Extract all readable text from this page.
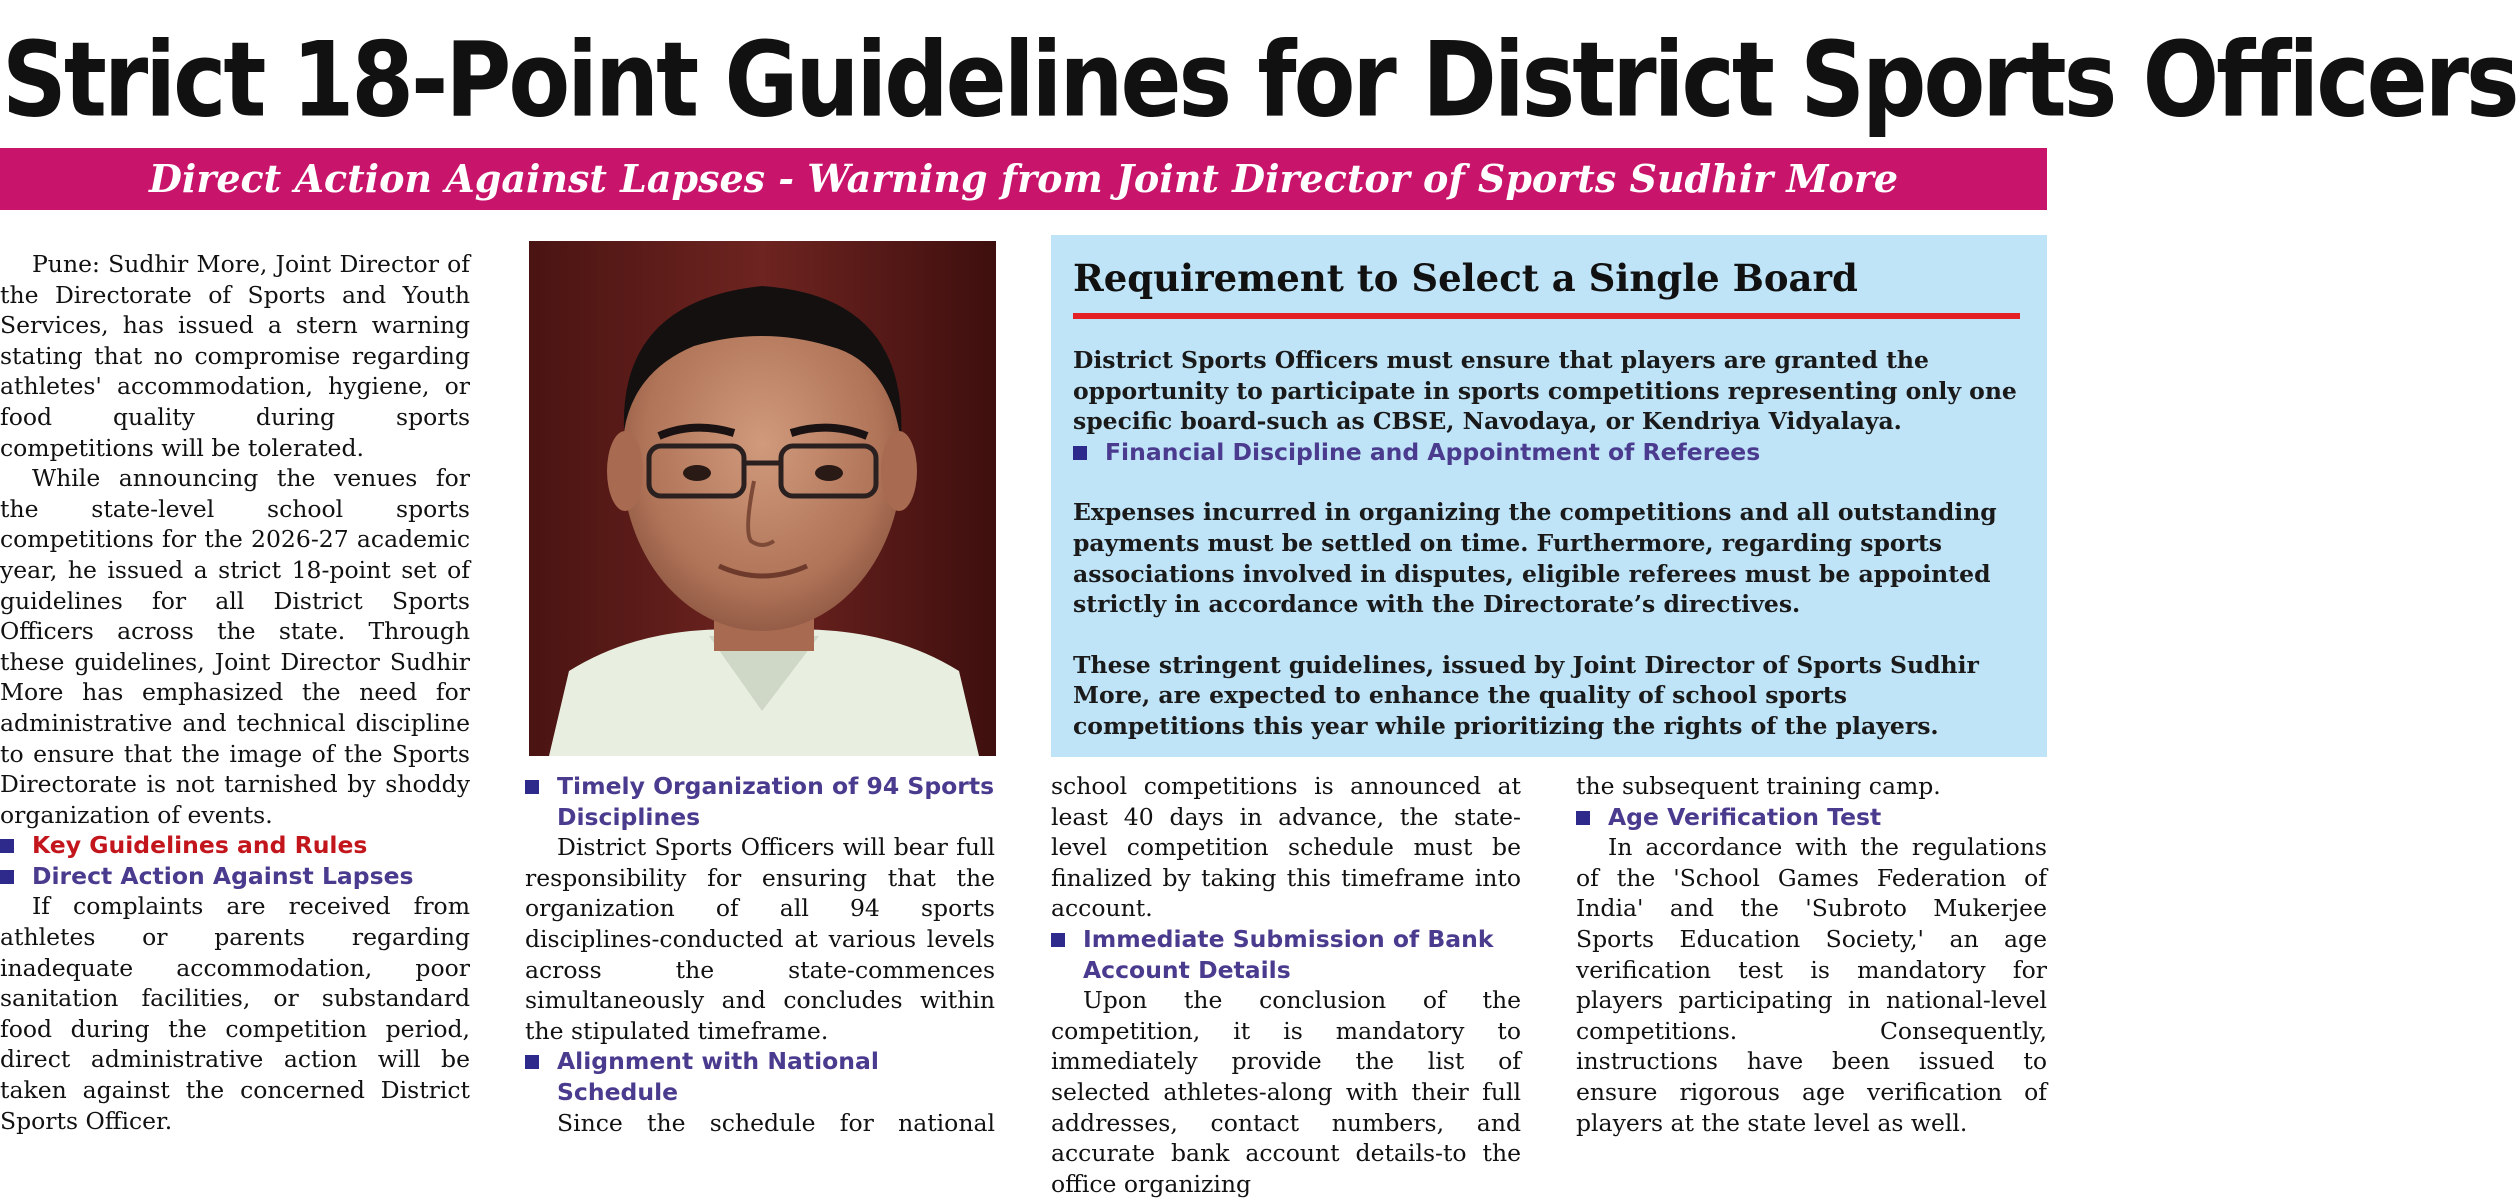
Strict 18-Point Guidelines for District Sports Officers
Direct Action Against Lapses - Warning from Joint Director of Sports Sudhir More

Pune: Sudhir More, Joint Director of the Directorate of Sports and Youth Services, has issued a stern warning stating that no compromise regarding athletes' accommodation, hygiene, or food quality during sports competitions will be tolerated.

While announcing the venues for the state-level school sports competitions for the 2026-27 academic year, he issued a strict 18-point set of guidelines for all District Sports Officers across the state. Through these guidelines, Joint Director Sudhir More has emphasized the need for administrative and technical discipline to ensure that the image of the Sports Directorate is not tarnished by shoddy organization of events.

Key Guidelines and Rules
Direct Action Against Lapses

If complaints are received from athletes or parents regarding inadequate accommodation, poor sanitation facilities, or substandard food during the competition period, direct administrative action will be taken against the concerned District Sports Officer.

Timely Organization of 94 Sports Disciplines

District Sports Officers will bear full responsibility for ensuring that the organization of all 94 sports disciplines-conducted at various levels across the state-commences simultaneously and concludes within the stipulated timeframe.

Alignment with National Schedule

Since the schedule for national

Requirement to Select a Single Board

District Sports Officers must ensure that players are granted the opportunity to participate in sports competitions representing only one specific board-such as CBSE, Navodaya, or Kendriya Vidyalaya.

Financial Discipline and Appointment of Referees

Expenses incurred in organizing the competitions and all outstanding payments must be settled on time. Furthermore, regarding sports associations involved in disputes, eligible referees must be appointed strictly in accordance with the Directorate’s directives.

These stringent guidelines, issued by Joint Director of Sports Sudhir More, are expected to enhance the quality of school sports competitions this year while prioritizing the rights of the players.

school competitions is announced at least 40 days in advance, the state-level competition schedule must be finalized by taking this timeframe into account.

Immediate Submission of Bank Account Details

Upon the conclusion of the competition, it is mandatory to immediately provide the list of selected athletes-along with their full addresses, contact numbers, and accurate bank account details-to the office organizing

the subsequent training camp.

Age Verification Test

In accordance with the regulations of the 'School Games Federation of India' and the 'Subroto Mukerjee Sports Education Society,' an age verification test is mandatory for players participating in national-level competitions. Consequently, instructions have been issued to ensure rigorous age verification of players at the state level as well.
